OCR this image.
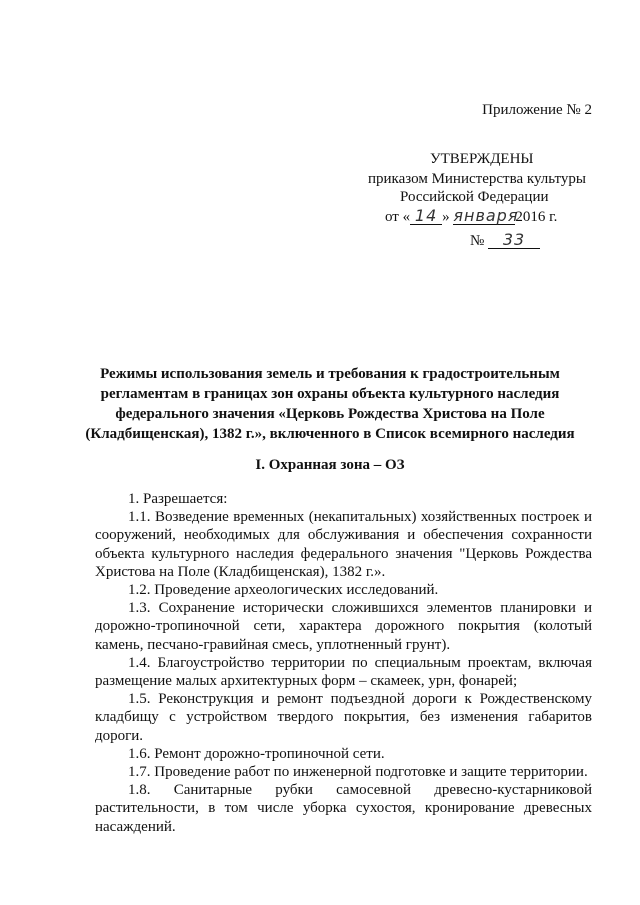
Приложение № 2
УТВЕРЖДЕНЫ
приказом Министерства культуры
Российской Федерации
от « 14 » января2016 г.
№ 33
Режимы использования земель и требования к градостроительным
регламентам в границах зон охраны объекта культурного наследия
федерального значения «Церковь Рождества Христова на Поле
(Кладбищенская), 1382 г.», включенного в Список всемирного наследия
I. Охранная зона – ОЗ

1. Разрешается:

1.1. Возведение временных (некапитальных) хозяйственных построек и сооружений, необходимых для обслуживания и обеспечения сохранности объекта культурного наследия федерального значения "Церковь Рождества Христова на Поле (Кладбищенская), 1382 г.».

1.2. Проведение археологических исследований.

1.3. Сохранение исторически сложившихся элементов планировки и дорожно-тропиночной сети, характера дорожного покрытия (колотый камень, песчано-гравийная смесь, уплотненный грунт).

1.4. Благоустройство территории по специальным проектам, включая размещение малых архитектурных форм – скамеек, урн, фонарей;

1.5. Реконструкция и ремонт подъездной дороги к Рождественскому кладбищу с устройством твердого покрытия, без изменения габаритов дороги.

1.6. Ремонт дорожно-тропиночной сети.

1.7. Проведение работ по инженерной подготовке и защите территории.

1.8. Санитарные рубки самосевной древесно-кустарниковой растительности, в том числе уборка сухостоя, кронирование древесных насаждений.
